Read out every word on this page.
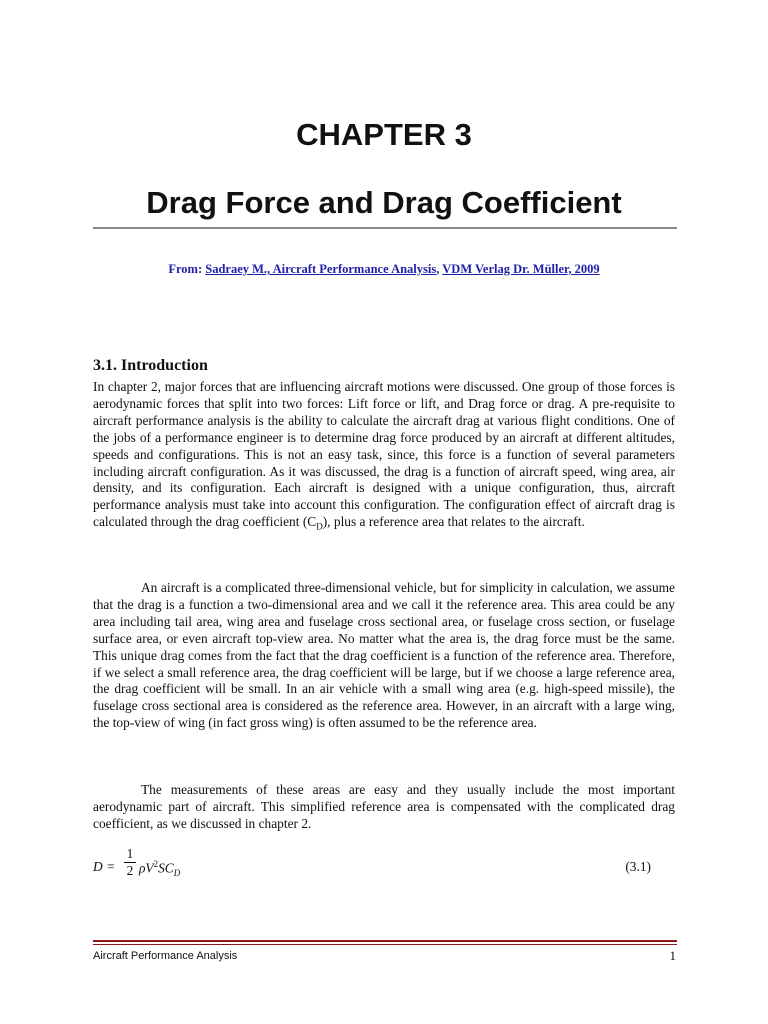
CHAPTER 3
Drag Force and Drag Coefficient

From: Sadraey M., Aircraft Performance Analysis, VDM Verlag Dr. Müller, 2009

3.1. Introduction

In chapter 2, major forces that are influencing aircraft motions were discussed. One group of those forces is aerodynamic forces that split into two forces: Lift force or lift, and Drag force or drag. A pre-requisite to aircraft performance analysis is the ability to calculate the aircraft drag at various flight conditions. One of the jobs of a performance engineer is to determine drag force produced by an aircraft at different altitudes, speeds and configurations. This is not an easy task, since, this force is a function of several parameters including aircraft configuration. As it was discussed, the drag is a function of aircraft speed, wing area, air density, and its configuration. Each aircraft is designed with a unique configuration, thus, aircraft performance analysis must take into account this configuration. The configuration effect of aircraft drag is calculated through the drag coefficient $(C_D)$, plus a reference area that relates to the aircraft.

An aircraft is a complicated three-dimensional vehicle, but for simplicity in calculation, we assume that the drag is a function a two-dimensional area and we call it the reference area. This area could be any area including tail area, wing area and fuselage cross sectional area, or fuselage cross section, or fuselage surface area, or even aircraft top-view area. No matter what the area is, the drag force must be the same. This unique drag comes from the fact that the drag coefficient is a function of the reference area. Therefore, if we select a small reference area, the drag coefficient will be large, but if we choose a large reference area, the drag coefficient will be small. In an air vehicle with a small wing area (e.g. high-speed missile), the fuselage cross sectional area is considered as the reference area. However, in an aircraft with a large wing, the top-view of wing (in fact gross wing) is often assumed to be the reference area.

The measurements of these areas are easy and they usually include the most important aerodynamic part of aircraft. This simplified reference area is compensated with the complicated drag coefficient, as we discussed in chapter 2.

D =
1
2 $\rho V^2SC_D$	(3.1)
Aircraft Performance Analysis	1
